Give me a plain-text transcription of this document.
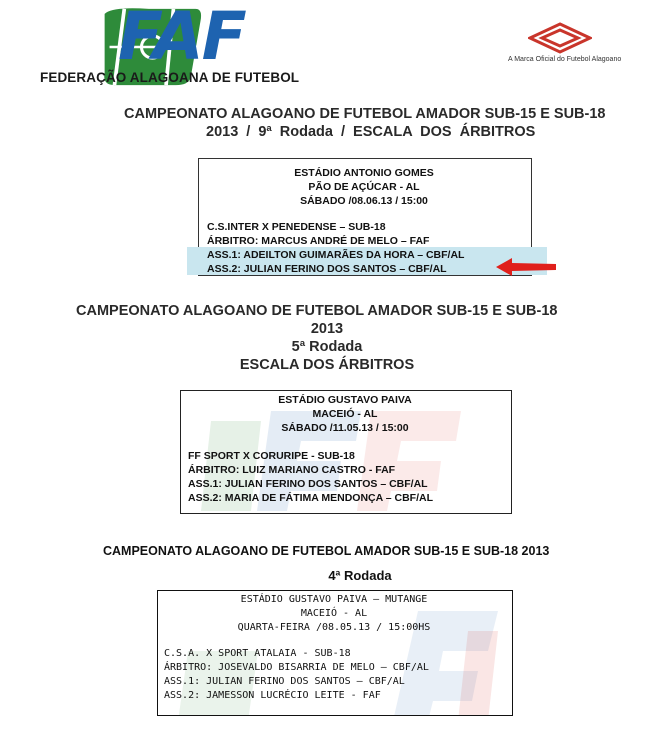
FAF
FEDERAÇÃO ALAGOANA DE FUTEBOL
A Marca Oficial do Futebol Alagoano
CAMPEONATO ALAGOANO DE FUTEBOL AMADOR SUB-15 E SUB-18
2013 / 9ª Rodada / ESCALA DOS ÁRBITROS
ESTÁDIO ANTONIO GOMES
PÃO DE AÇÚCAR - AL
SÁBADO /08.06.13 / 15:00
C.S.INTER X PENEDENSE – SUB-18
ÁRBITRO: MARCUS ANDRÉ DE MELO – FAF
ASS.1: ADEILTON GUIMARÃES DA HORA – CBF/AL
ASS.2: JULIAN FERINO DOS SANTOS – CBF/AL
CAMPEONATO ALAGOANO DE FUTEBOL AMADOR SUB-15 E SUB-18
2013
5ª Rodada
ESCALA DOS ÁRBITROS
ESTÁDIO GUSTAVO PAIVA
MACEIÓ - AL
SÁBADO /11.05.13 / 15:00
FF SPORT X CORURIPE - SUB-18
ÁRBITRO: LUIZ MARIANO CASTRO - FAF
ASS.1: JULIAN FERINO DOS SANTOS – CBF/AL
ASS.2: MARIA DE FÁTIMA MENDONÇA – CBF/AL
CAMPEONATO ALAGOANO DE FUTEBOL AMADOR SUB-15 E SUB-18 2013
4ª Rodada
ESTÁDIO GUSTAVO PAIVA – MUTANGE
MACEIÓ - AL
QUARTA-FEIRA /08.05.13 / 15:00HS
C.S.A. X SPORT ATALAIA - SUB-18
ÁRBITRO: JOSEVALDO BISARRIA DE MELO – CBF/AL
ASS.1: JULIAN FERINO DOS SANTOS – CBF/AL
ASS.2: JAMESSON LUCRÉCIO LEITE - FAF
